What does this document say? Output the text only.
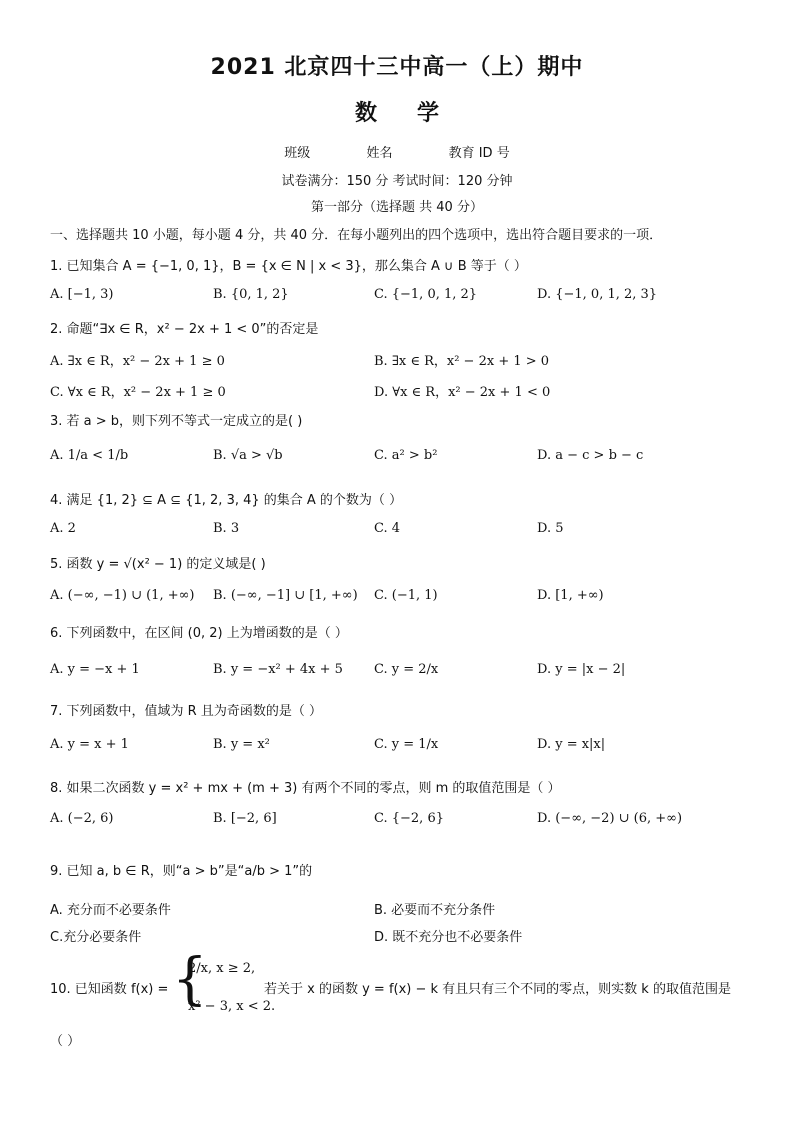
2021 北京四十三中高一（上）期中
数学
班级	姓名	教育 ID 号
试卷满分：150 分 考试时间：120 分钟
第一部分（选择题 共 40 分）
一、选择题共 10 小题，每小题 4 分，共 40 分．在每小题列出的四个选项中，选出符合题目要求的一项．
1. 已知集合 A = {−1, 0, 1}，B = {x ∈ N | x < 3}，那么集合 A ∪ B 等于（ ）
A. [−1, 3)	B. {0, 1, 2}	C. {−1, 0, 1, 2}	D. {−1, 0, 1, 2, 3}
2. 命题“∃x ∈ R，x² − 2x + 1 < 0”的否定是
A. ∃x ∈ R，x² − 2x + 1 ≥ 0	B. ∃x ∈ R，x² − 2x + 1 > 0
C. ∀x ∈ R，x² − 2x + 1 ≥ 0	D. ∀x ∈ R，x² − 2x + 1 < 0
3. 若 a > b，则下列不等式一定成立的是( )
A. 1/a < 1/b	B. √a > √b	C. a² > b²	D. a − c > b − c
4. 满足 {1, 2} ⊆ A ⊆ {1, 2, 3, 4} 的集合 A 的个数为（ ）
A. 2	B. 3	C. 4	D. 5
5. 函数 y = √(x² − 1) 的定义域是( )
A. (−∞, −1) ∪ (1, +∞) B. (−∞, −1] ∪ [1, +∞) C. (−1, 1)	D. [1, +∞)
6. 下列函数中，在区间 (0, 2) 上为增函数的是（ ）
A. y = −x + 1	B. y = −x² + 4x + 5 C. y = 2/x	D. y = |x − 2|
7. 下列函数中，值域为 R 且为奇函数的是（ ）
A. y = x + 1	B. y = x²	C. y = 1/x	D. y = x|x|
8. 如果二次函数 y = x² + mx + (m + 3) 有两个不同的零点，则 m 的取值范围是（ ）
A. (−2, 6)	B. [−2, 6]	C. {−2, 6}	D. (−∞, −2) ∪ (6, +∞)
9. 已知 a, b ∈ R，则“a > b”是“a/b > 1”的
A. 充分而不必要条件	B. 必要而不充分条件
C.充分必要条件	D. 既不充分也不必要条件
10. 已知函数 f(x) = {
2/x, x ≥ 2,
x² − 3, x < 2.
若关于 x 的函数 y = f(x) − k 有且只有三个不同的零点，则实数 k 的取值范围是
（ ）
